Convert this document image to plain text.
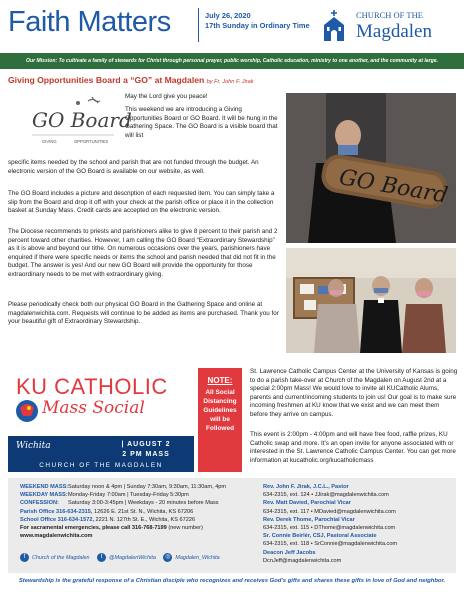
Faith Matters	July 26, 2020
17th Sunday in Ordinary Time
CHURCH OF THE
Magdalen
Our Mission: To cultivate a family of stewards for Christ through personal prayer, public worship, Catholic education, ministry to one another, and the community at large.
Giving Opportunities Board a “GO” at Magdalen by Fr. John F. Jirak
GO Board
GIVING	OPPORTUNITIES
May the Lord give you peace!
This weekend we are introducing a Giving Opportunities Board or GO Board. It will be hung in the Gathering Space. The GO Board is a visible board that will list
specific items needed by the school and parish that are not funded through the budget. An electronic version of the GO Board is available on our website, as well.
The GO Board includes a picture and description of each requested item. You can simply take a slip from the Board and drop it off with your check at the parish office or place it in the collection basket at Sunday Mass. Credit cards are accepted on the electronic version.
The Diocese recommends to priests and parishioners alike to give 8 percent to their parish and 2 percent toward other charities. However, I am calling the GO Board “Extraordinary Stewardship” as it is above and beyond our tithe. On numerous occasions over the years, parishioners have enquired if there were specific needs or items the school and parish needed that did not fit in the budget. The answer is yes! And our new GO Board will provide the opportunity for those extraordinary needs to be met with extraordinary giving.
Please periodically check both our physical GO Board in the Gathering Space and online at magdalenwichita.com. Requests will continue to be added as items are purchased. Thank you for your beautiful gift of Extraordinary Stewardship.
GO Board
KU CATHOLIC
Mass Social
Wichita	| AUGUST 2
2 PM MASS
CHURCH OF THE MAGDALEN
NOTE:
All Social Distancing Guidelines will be Followed
St. Lawrence Catholic Campus Center at the University of Kansas is going to do a parish take-over at Church of the Magdalen on August 2nd at a special 2:00pm Mass! We would love to invite all KUCatholic Alums, parents and current/incoming students to join us! Our goal is to make sure incoming freshmen at KU know that we exist and we can meet them before they arrive on campus.
This event is 2:00pm - 4:00pm and will have free food, raffle prizes, KU Catholic swap and more. It's an open invite for anyone associated with or interested in the St. Lawrence Catholic Campus Center. You can get more information at kucatholic.org/kucatholicmass
WEEKEND MASS:Saturday noon & 4pm | Sunday 7:30am, 9:30am, 11:30am, 4pm
WEEKDAY MASS:Monday-Friday 7:00am | Tuesday-Friday 5:30pm
CONFESSION: Saturday 3:00-3:45pm | Weekdays - 20 minutes before Mass
Parish Office 316-634-2315, 12626 E. 21st St. N., Wichita, KS 67206
School Office 316-634-1572, 2221 N. 127th St. E., Wichita, KS 67226
For sacramental emergencies, please call 316-768-7199 (new number)
www.magdalenwichita.com
f Church of the Magdalen t @MagdalenWichita ◎ Magdalen_Wichita
Rev. John F. Jirak, J.C.L., Pastor
634-2315, ext. 124 • JJirak@magdalenwichita.com
Rev. Matt Davied, Parochial Vicar
634-2315, ext. 117 • MDavied@magdalenwichita.com
Rev. Derek Thome, Parochial Vicar
634-2315, ext. 115 • DThome@magdalenwichita.com
Sr. Connie Beirlér, CSJ, Pastoral Associate
634-2315, ext. 118 • SrConnie@magdalenwichita.com
Deacon Jeff Jacobs
DcnJeff@magdalenwichita.com
Stewardship is the grateful response of a Christian disciple who recognizes and receives God's gifts and shares these gifts in love of God and neighbor.
